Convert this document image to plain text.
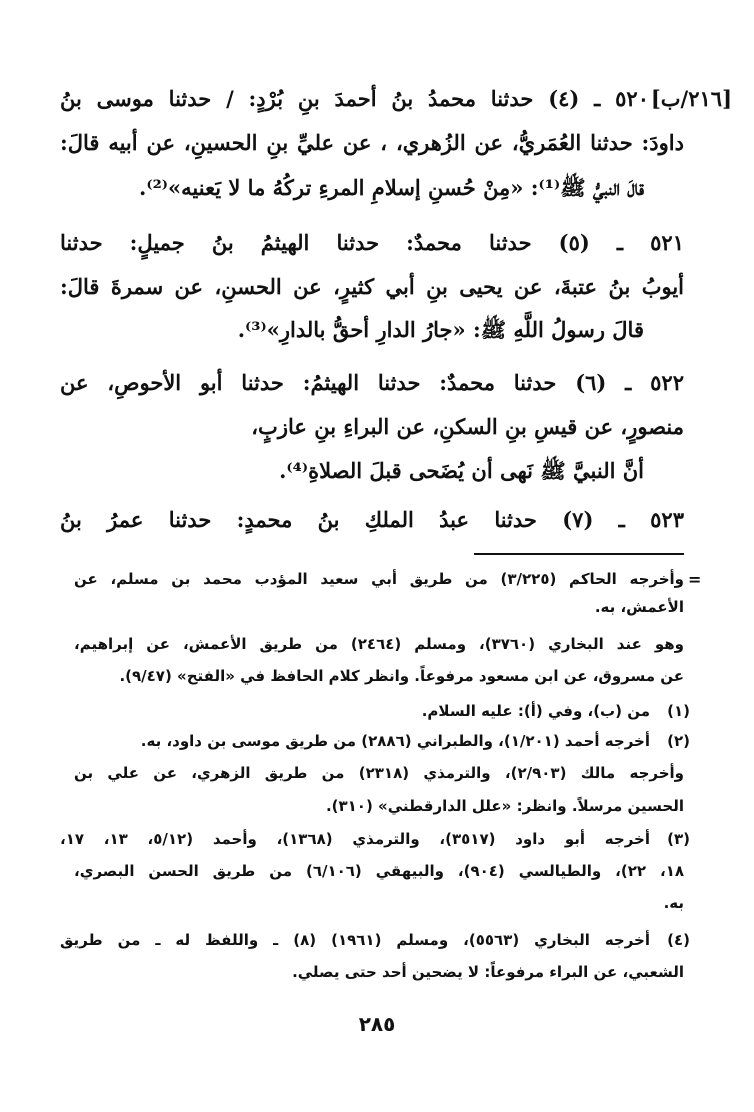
٥٢٠ ـ (٤) حدثنا محمدُ بنُ أحمدَ بنِ بُرْدٍ: / حدثنا موسى بنُ [٢١٦/ب]
داودَ: حدثنا العُمَريُّ، عن الزُهري، ، عن عليِّ بنِ الحسينِ، عن أبيه قالَ:
قالَ النبيُّ ﷺ⁽¹⁾: «مِنْ حُسنِ إسلامِ المرءِ تركُهُ ما لا يَعنيه»⁽²⁾.
٥٢١ ـ (٥) حدثنا محمدٌ: حدثنا الهيثمُ بنُ جميلٍ: حدثنا
أيوبُ بنُ عتبةَ، عن يحيى بنِ أبي كثيرٍ، عن الحسنِ، عن سمرةَ قالَ:
قالَ رسولُ اللَّهِ ﷺ: «جارُ الدارِ أحقُّ بالدارِ»⁽³⁾.
٥٢٢ ـ (٦) حدثنا محمدٌ: حدثنا الهيثمُ: حدثنا أبو الأحوصِ، عن
منصورٍ، عن قيسِ بنِ السكنِ، عن البراءِ بنِ عازبٍ،
أنَّ النبيَّ ﷺ نَهى أن يُضَحى قبلَ الصلاةِ⁽⁴⁾.
٥٢٣ ـ (٧) حدثنا عبدُ الملكِ بنُ محمدٍ: حدثنا عمرُ بنُ
=
وأخرجه الحاكم (٣/٢٢٥) من طريق أبي سعيد المؤدب محمد بن مسلم، عن
الأعمش، به.
وهو عند البخاري (٣٧٦٠)، ومسلم (٢٤٦٤) من طريق الأعمش، عن إبراهيم،
عن مسروق، عن ابن مسعود مرفوعاً. وانظر كلام الحافظ في «الفتح» (٩/٤٧).
(١)
من (ب)، وفي (أ): عليه السلام.
(٢)
أخرجه أحمد (١/٢٠١)، والطبراني (٢٨٨٦) من طريق موسى بن داود، به.
وأخرجه مالك (٢/٩٠٣)، والترمذي (٢٣١٨) من طريق الزهري، عن علي بن
الحسين مرسلاً. وانظر: «علل الدارقطني» (٣١٠).
(٣)
أخرجه أبو داود (٣٥١٧)، والترمذي (١٣٦٨)، وأحمد (٥/١٢، ١٣، ١٧،
١٨، ٢٢)، والطيالسي (٩٠٤)، والبيهقي (٦/١٠٦) من طريق الحسن البصري،
به.
(٤)
أخرجه البخاري (٥٥٦٣)، ومسلم (١٩٦١) (٨) ـ واللفظ له ـ من طريق
الشعبي، عن البراء مرفوعاً: لا يضحين أحد حتى يصلي.
٢٨٥
